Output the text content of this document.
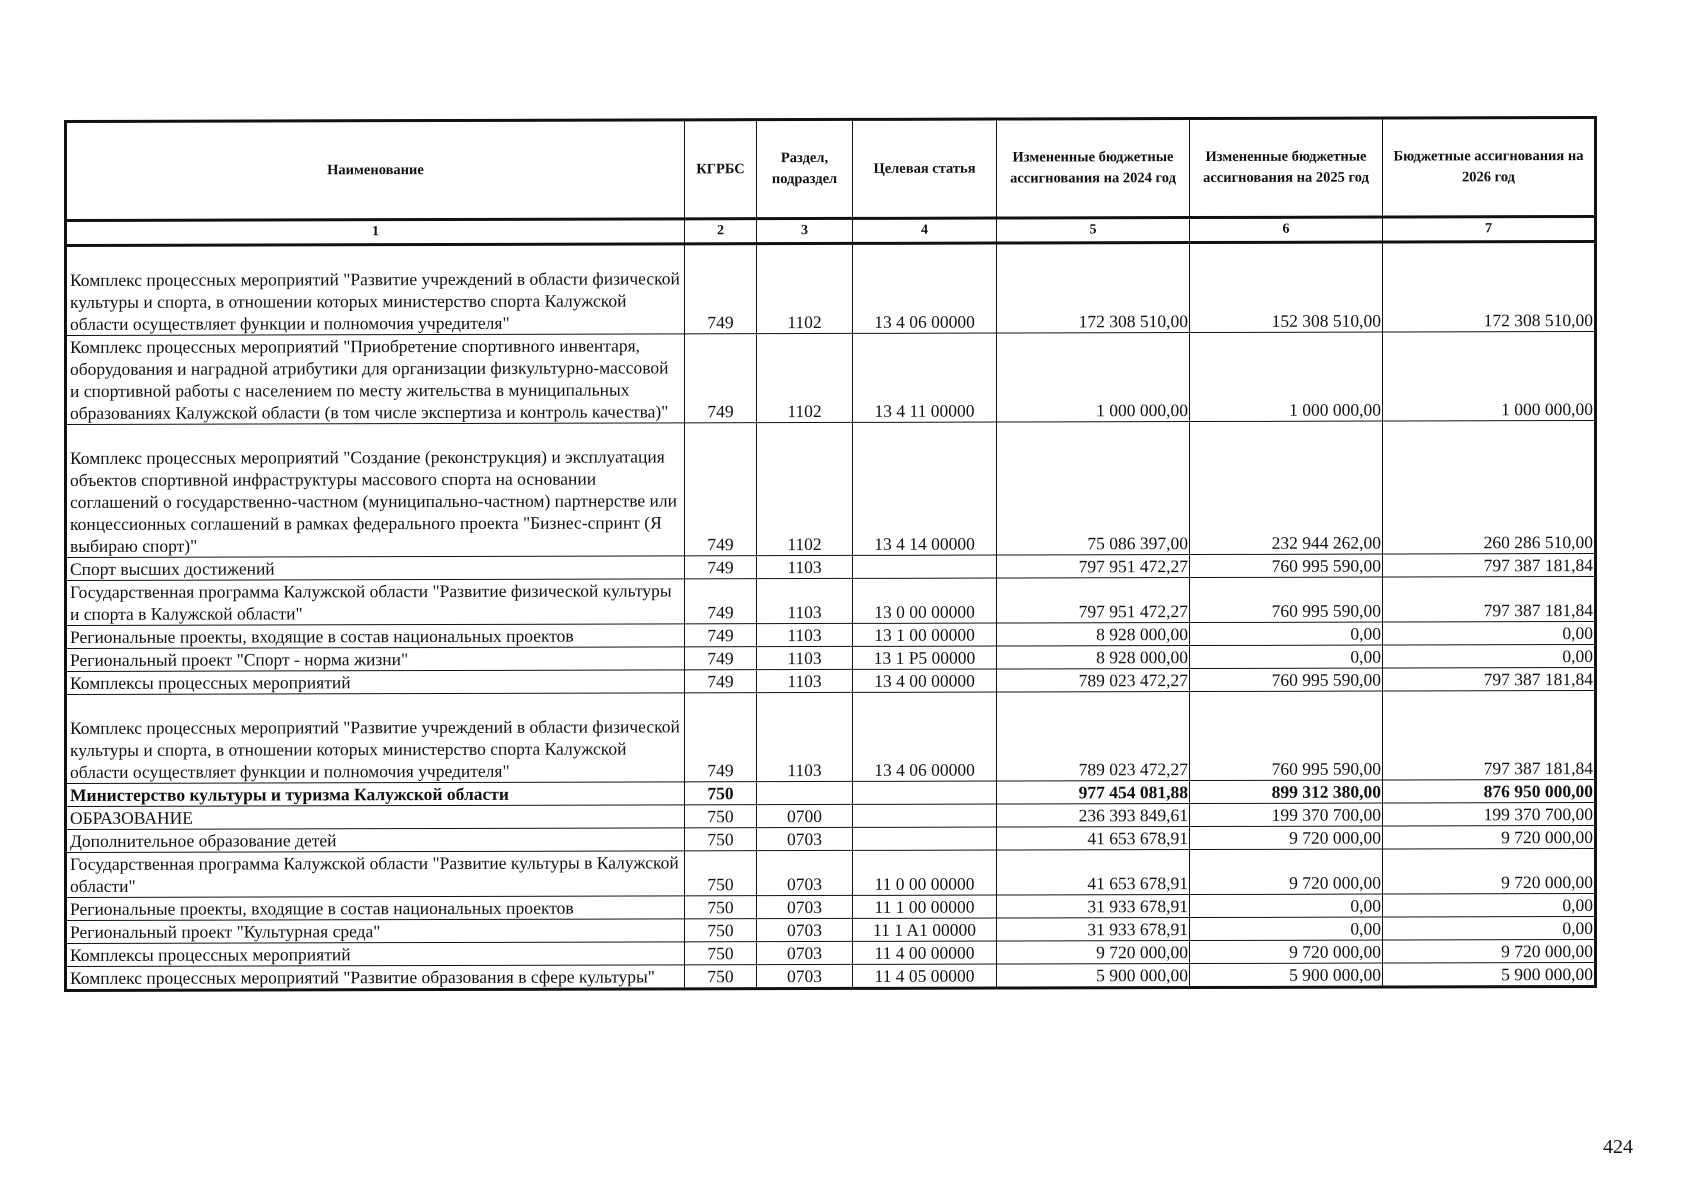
Наименование	КГРБС	Раздел, подраздел	Целевая статья	Измененные бюджетные ассигнования на 2024 год	Измененные бюджетные ассигнования на 2025 год	Бюджетные ассигнования на 2026 год
1	2	3	4	5	6	7

Комплекс процессных мероприятий "Развитие учреждений в области физической культуры и спорта, в отношении которых министерство спорта Калужской области осуществляет функции и полномочия учредителя"	749	1102	13 4 06 00000	172 308 510,00	152 308 510,00	172 308 510,00
Комплекс процессных мероприятий "Приобретение спортивного инвентаря, оборудования и наградной атрибутики для организации физкультурно-массовой и спортивной работы с населением по месту жительства в муниципальных образованиях Калужской области (в том числе экспертиза и контроль качества)"	749	1102	13 4 11 00000	1 000 000,00	1 000 000,00	1 000 000,00

Комплекс процессных мероприятий "Создание (реконструкция) и эксплуатация объектов спортивной инфраструктуры массового спорта на основании соглашений о государственно-частном (муниципально-частном) партнерстве или концессионных соглашений в рамках федерального проекта "Бизнес-спринт (Я выбираю спорт)"	749	1102	13 4 14 00000	75 086 397,00	232 944 262,00	260 286 510,00
Спорт высших достижений	749	1103		797 951 472,27	760 995 590,00	797 387 181,84
Государственная программа Калужской области "Развитие физической культуры и спорта в Калужской области"	749	1103	13 0 00 00000	797 951 472,27	760 995 590,00	797 387 181,84
Региональные проекты, входящие в состав национальных проектов	749	1103	13 1 00 00000	8 928 000,00	0,00	0,00
Региональный проект "Спорт - норма жизни"	749	1103	13 1 P5 00000	8 928 000,00	0,00	0,00
Комплексы процессных мероприятий	749	1103	13 4 00 00000	789 023 472,27	760 995 590,00	797 387 181,84

Комплекс процессных мероприятий "Развитие учреждений в области физической культуры и спорта, в отношении которых министерство спорта Калужской области осуществляет функции и полномочия учредителя"	749	1103	13 4 06 00000	789 023 472,27	760 995 590,00	797 387 181,84
Министерство культуры и туризма Калужской области	750			977 454 081,88	899 312 380,00	876 950 000,00
ОБРАЗОВАНИЕ	750	0700		236 393 849,61	199 370 700,00	199 370 700,00
Дополнительное образование детей	750	0703		41 653 678,91	9 720 000,00	9 720 000,00
Государственная программа Калужской области "Развитие культуры в Калужской области"	750	0703	11 0 00 00000	41 653 678,91	9 720 000,00	9 720 000,00
Региональные проекты, входящие в состав национальных проектов	750	0703	11 1 00 00000	31 933 678,91	0,00	0,00
Региональный проект "Культурная среда"	750	0703	11 1 A1 00000	31 933 678,91	0,00	0,00
Комплексы процессных мероприятий	750	0703	11 4 00 00000	9 720 000,00	9 720 000,00	9 720 000,00
Комплекс процессных мероприятий "Развитие образования в сфере культуры"	750	0703	11 4 05 00000	5 900 000,00	5 900 000,00	5 900 000,00
424
